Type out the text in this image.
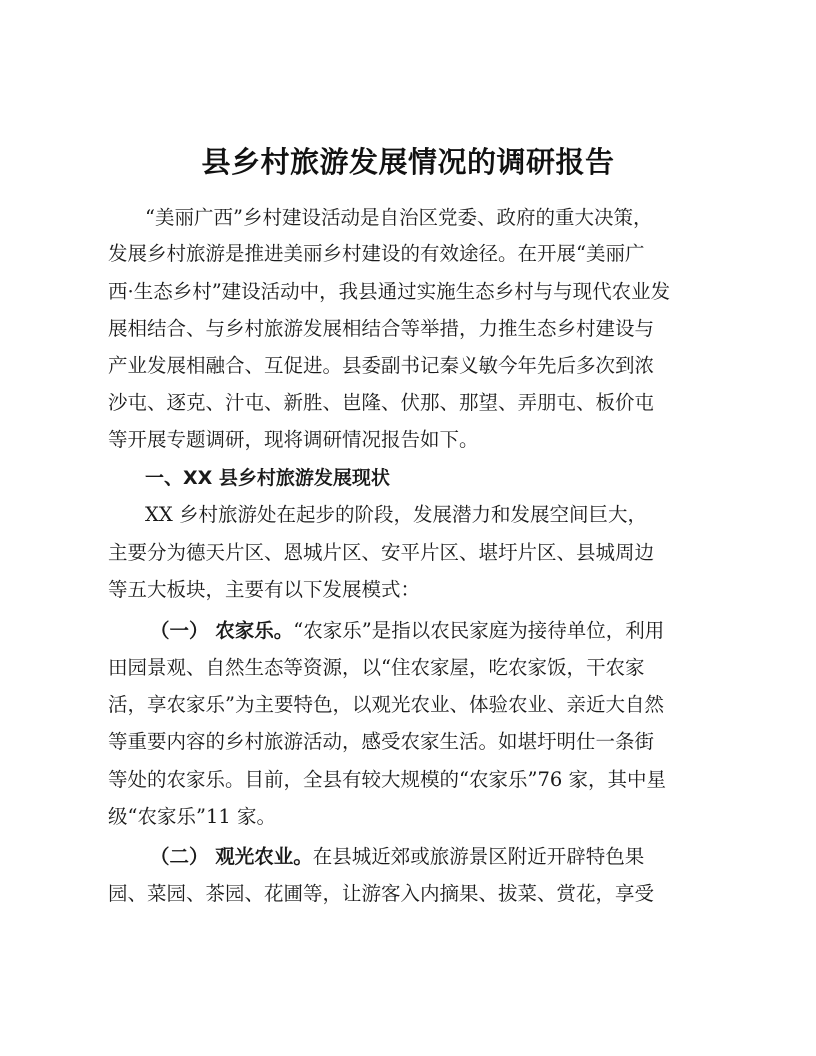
县乡村旅游发展情况的调研报告
“美丽广西”乡村建设活动是自治区党委、政府的重大决策，
发展乡村旅游是推进美丽乡村建设的有效途径。在开展“美丽广
西·生态乡村”建设活动中，我县通过实施生态乡村与与现代农业发
展相结合、与乡村旅游发展相结合等举措，力推生态乡村建设与
产业发展相融合、互促进。县委副书记秦义敏今年先后多次到浓
沙屯、逐克、汁屯、新胜、岜隆、伏那、那望、弄朋屯、板价屯
等开展专题调研，现将调研情况报告如下。
一、XX 县乡村旅游发展现状
XX 乡村旅游处在起步的阶段，发展潜力和发展空间巨大，
主要分为德天片区、恩城片区、安平片区、堪圩片区、县城周边
等五大板块，主要有以下发展模式：
（一） 农家乐。“农家乐”是指以农民家庭为接待单位，利用
田园景观、自然生态等资源，以“住农家屋，吃农家饭，干农家
活，享农家乐”为主要特色，以观光农业、体验农业、亲近大自然
等重要内容的乡村旅游活动，感受农家生活。如堪圩明仕一条街
等处的农家乐。目前，全县有较大规模的“农家乐”76 家，其中星
级“农家乐”11 家。
（二） 观光农业。在县城近郊或旅游景区附近开辟特色果
园、菜园、茶园、花圃等，让游客入内摘果、拔菜、赏花，享受
